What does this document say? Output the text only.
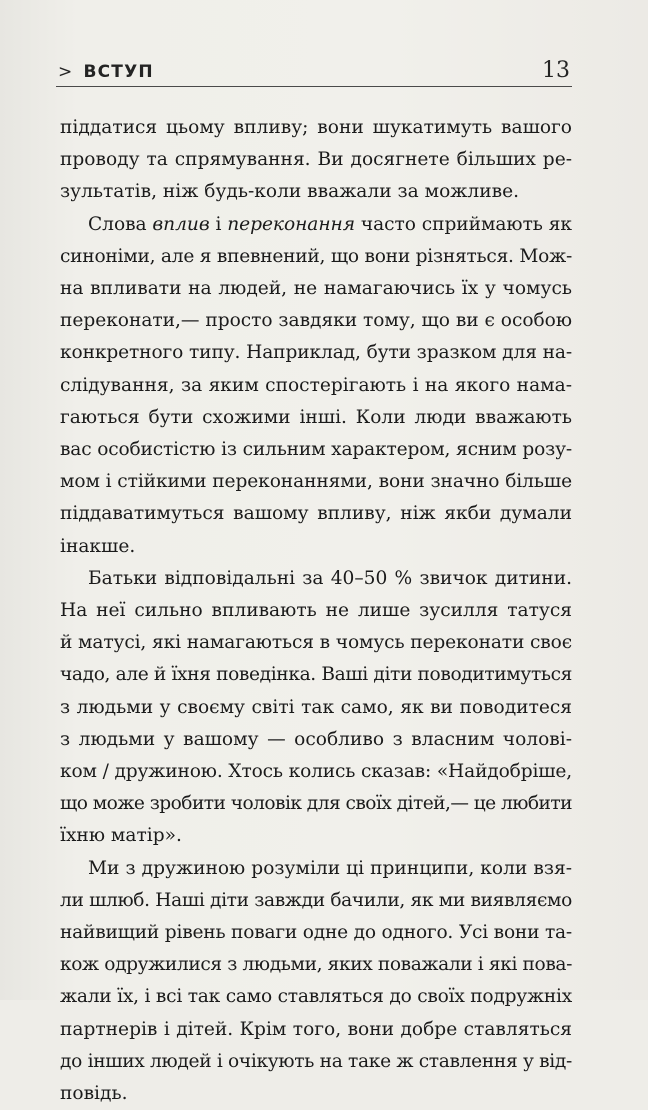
> ВСТУП	13
піддатися цьому впливу; вони шукатимуть вашого
проводу та спрямування. Ви досягнете більших ре-
зультатів, ніж будь-коли вважали за можливе.
Слова вплив і переконання часто сприймають як
синоніми, але я впевнений, що вони різняться. Мож-
на впливати на людей, не намагаючись їх у чомусь
переконати,— просто завдяки тому, що ви є особою
конкретного типу. Наприклад, бути зразком для на-
слідування, за яким спостерігають і на якого нама-
гаються бути схожими інші. Коли люди вважають
вас особистістю із сильним характером, ясним розу-
мом і стійкими переконаннями, вони значно більше
піддаватимуться вашому впливу, ніж якби думали
інакше.
Батьки відповідальні за 40–50 % звичок дитини.
На неї сильно впливають не лише зусилля татуся
й матусі, які намагаються в чомусь переконати своє
чадо, але й їхня поведінка. Ваші діти поводитимуться
з людьми у своєму світі так само, як ви поводитеся
з людьми у вашому — особливо з власним чолові-
ком / дружиною. Хтось колись сказав: «Найдобріше,
що може зробити чоловік для своїх дітей,— це любити
їхню матір».
Ми з дружиною розуміли ці принципи, коли взя-
ли шлюб. Наші діти завжди бачили, як ми виявляємо
найвищий рівень поваги одне до одного. Усі вони та-
кож одружилися з людьми, яких поважали і які пова-
жали їх, і всі так само ставляться до своїх подружніх
партнерів і дітей. Крім того, вони добре ставляться
до інших людей і очікують на таке ж ставлення у від-
повідь.
